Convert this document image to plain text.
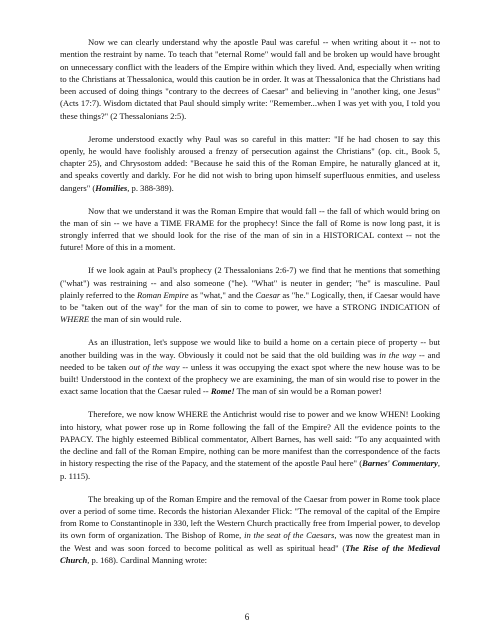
Now we can clearly understand why the apostle Paul was careful -- when writing about it -- not to mention the restraint by name. To teach that "eternal Rome" would fall and be broken up would have brought on unnecessary conflict with the leaders of the Empire within which they lived. And, especially when writing to the Christians at Thessalonica, would this caution be in order. It was at Thessalonica that the Christians had been accused of doing things "contrary to the decrees of Caesar" and believing in "another king, one Jesus" (Acts 17:7). Wisdom dictated that Paul should simply write: "Remember...when I was yet with you, I told you these things?" (2 Thessalonians 2:5).

Jerome understood exactly why Paul was so careful in this matter: "If he had chosen to say this openly, he would have foolishly aroused a frenzy of persecution against the Christians" (op. cit., Book 5, chapter 25), and Chrysostom added: "Because he said this of the Roman Empire, he naturally glanced at it, and speaks covertly and darkly. For he did not wish to bring upon himself superfluous enmities, and useless dangers" (Homilies, p. 388-389).

Now that we understand it was the Roman Empire that would fall -- the fall of which would bring on the man of sin -- we have a TIME FRAME for the prophecy! Since the fall of Rome is now long past, it is strongly inferred that we should look for the rise of the man of sin in a HISTORICAL context -- not the future! More of this in a moment.

If we look again at Paul's prophecy (2 Thessalonians 2:6-7) we find that he mentions that something ("what") was restraining -- and also someone ("he). "What" is neuter in gender; "he" is masculine. Paul plainly referred to the Roman Empire as "what," and the Caesar as "he." Logically, then, if Caesar would have to be "taken out of the way" for the man of sin to come to power, we have a STRONG INDICATION of WHERE the man of sin would rule.

As an illustration, let's suppose we would like to build a home on a certain piece of property -- but another building was in the way. Obviously it could not be said that the old building was in the way -- and needed to be taken out of the way -- unless it was occupying the exact spot where the new house was to be built! Understood in the context of the prophecy we are examining, the man of sin would rise to power in the exact same location that the Caesar ruled -- Rome! The man of sin would be a Roman power!

Therefore, we now know WHERE the Antichrist would rise to power and we know WHEN! Looking into history, what power rose up in Rome following the fall of the Empire? All the evidence points to the PAPACY. The highly esteemed Biblical commentator, Albert Barnes, has well said: "To any acquainted with the decline and fall of the Roman Empire, nothing can be more manifest than the correspondence of the facts in history respecting the rise of the Papacy, and the statement of the apostle Paul here" (Barnes' Commentary, p. 1115).

The breaking up of the Roman Empire and the removal of the Caesar from power in Rome took place over a period of some time. Records the historian Alexander Flick: "The removal of the capital of the Empire from Rome to Constantinople in 330, left the Western Church practically free from Imperial power, to develop its own form of organization. The Bishop of Rome, in the seat of the Caesars, was now the greatest man in the West and was soon forced to become political as well as spiritual head" (The Rise of the Medieval Church, p. 168). Cardinal Manning wrote:

6
